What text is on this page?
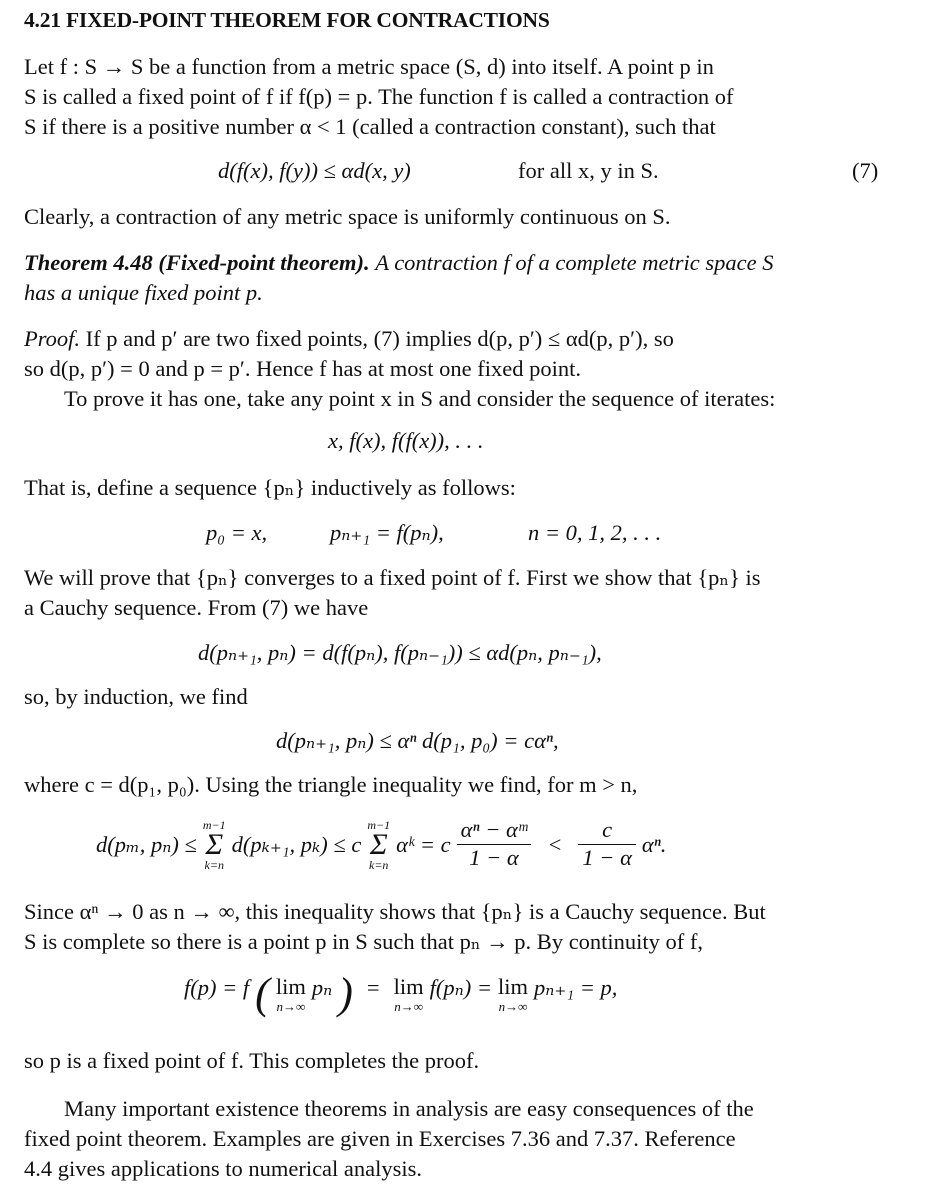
4.21 FIXED-POINT THEOREM FOR CONTRACTIONS
Let f : S → S be a function from a metric space (S, d) into itself. A point p in
S is called a fixed point of f if f(p) = p. The function f is called a contraction of
S if there is a positive number α < 1 (called a contraction constant), such that
d(f(x), f(y)) ≤ αd(x, y)	for all x, y in S.	(7)
Clearly, a contraction of any metric space is uniformly continuous on S.
Theorem 4.48 (Fixed-point theorem). A contraction f of a complete metric space S
has a unique fixed point p.
Proof. If p and p′ are two fixed points, (7) implies d(p, p′) ≤ αd(p, p′), so
so d(p, p′) = 0 and p = p′. Hence f has at most one fixed point.
To prove it has one, take any point x in S and consider the sequence of iterates:
x, f(x), f(f(x)), . . .
That is, define a sequence {pₙ} inductively as follows:
p₀ = x,	pₙ₊₁ = f(pₙ),	n = 0, 1, 2, . . .
We will prove that {pₙ} converges to a fixed point of f. First we show that {pₙ} is
a Cauchy sequence. From (7) we have
d(pₙ₊₁, pₙ) = d(f(pₙ), f(pₙ₋₁)) ≤ αd(pₙ, pₙ₋₁),
so, by induction, we find
d(pₙ₊₁, pₙ) ≤ αⁿ d(p₁, p₀) = cαⁿ,
where c = d(p₁, p₀). Using the triangle inequality we find, for m > n,
d(pₘ, pₙ) ≤
m−1
Σ
k=n
d(pₖ₊₁, pₖ) ≤ c
m−1
Σ
k=n
αᵏ = c $\frac{\text{αⁿ − αᵐ}}{1 - \alpha} < \frac{c}{1 - \alpha} \alpha^n$.
Since αⁿ → 0 as n → ∞, this inequality shows that {pₙ} is a Cauchy sequence. But
S is complete so there is a point p in S such that pₙ → p. By continuity of f,
f(p) = f ( lim
n→∞
pₙ ) = lim
n→∞
f(pₙ) = lim
n→∞
pₙ₊₁ = p,
so p is a fixed point of f. This completes the proof.
Many important existence theorems in analysis are easy consequences of the
fixed point theorem. Examples are given in Exercises 7.36 and 7.37. Reference
4.4 gives applications to numerical analysis.
